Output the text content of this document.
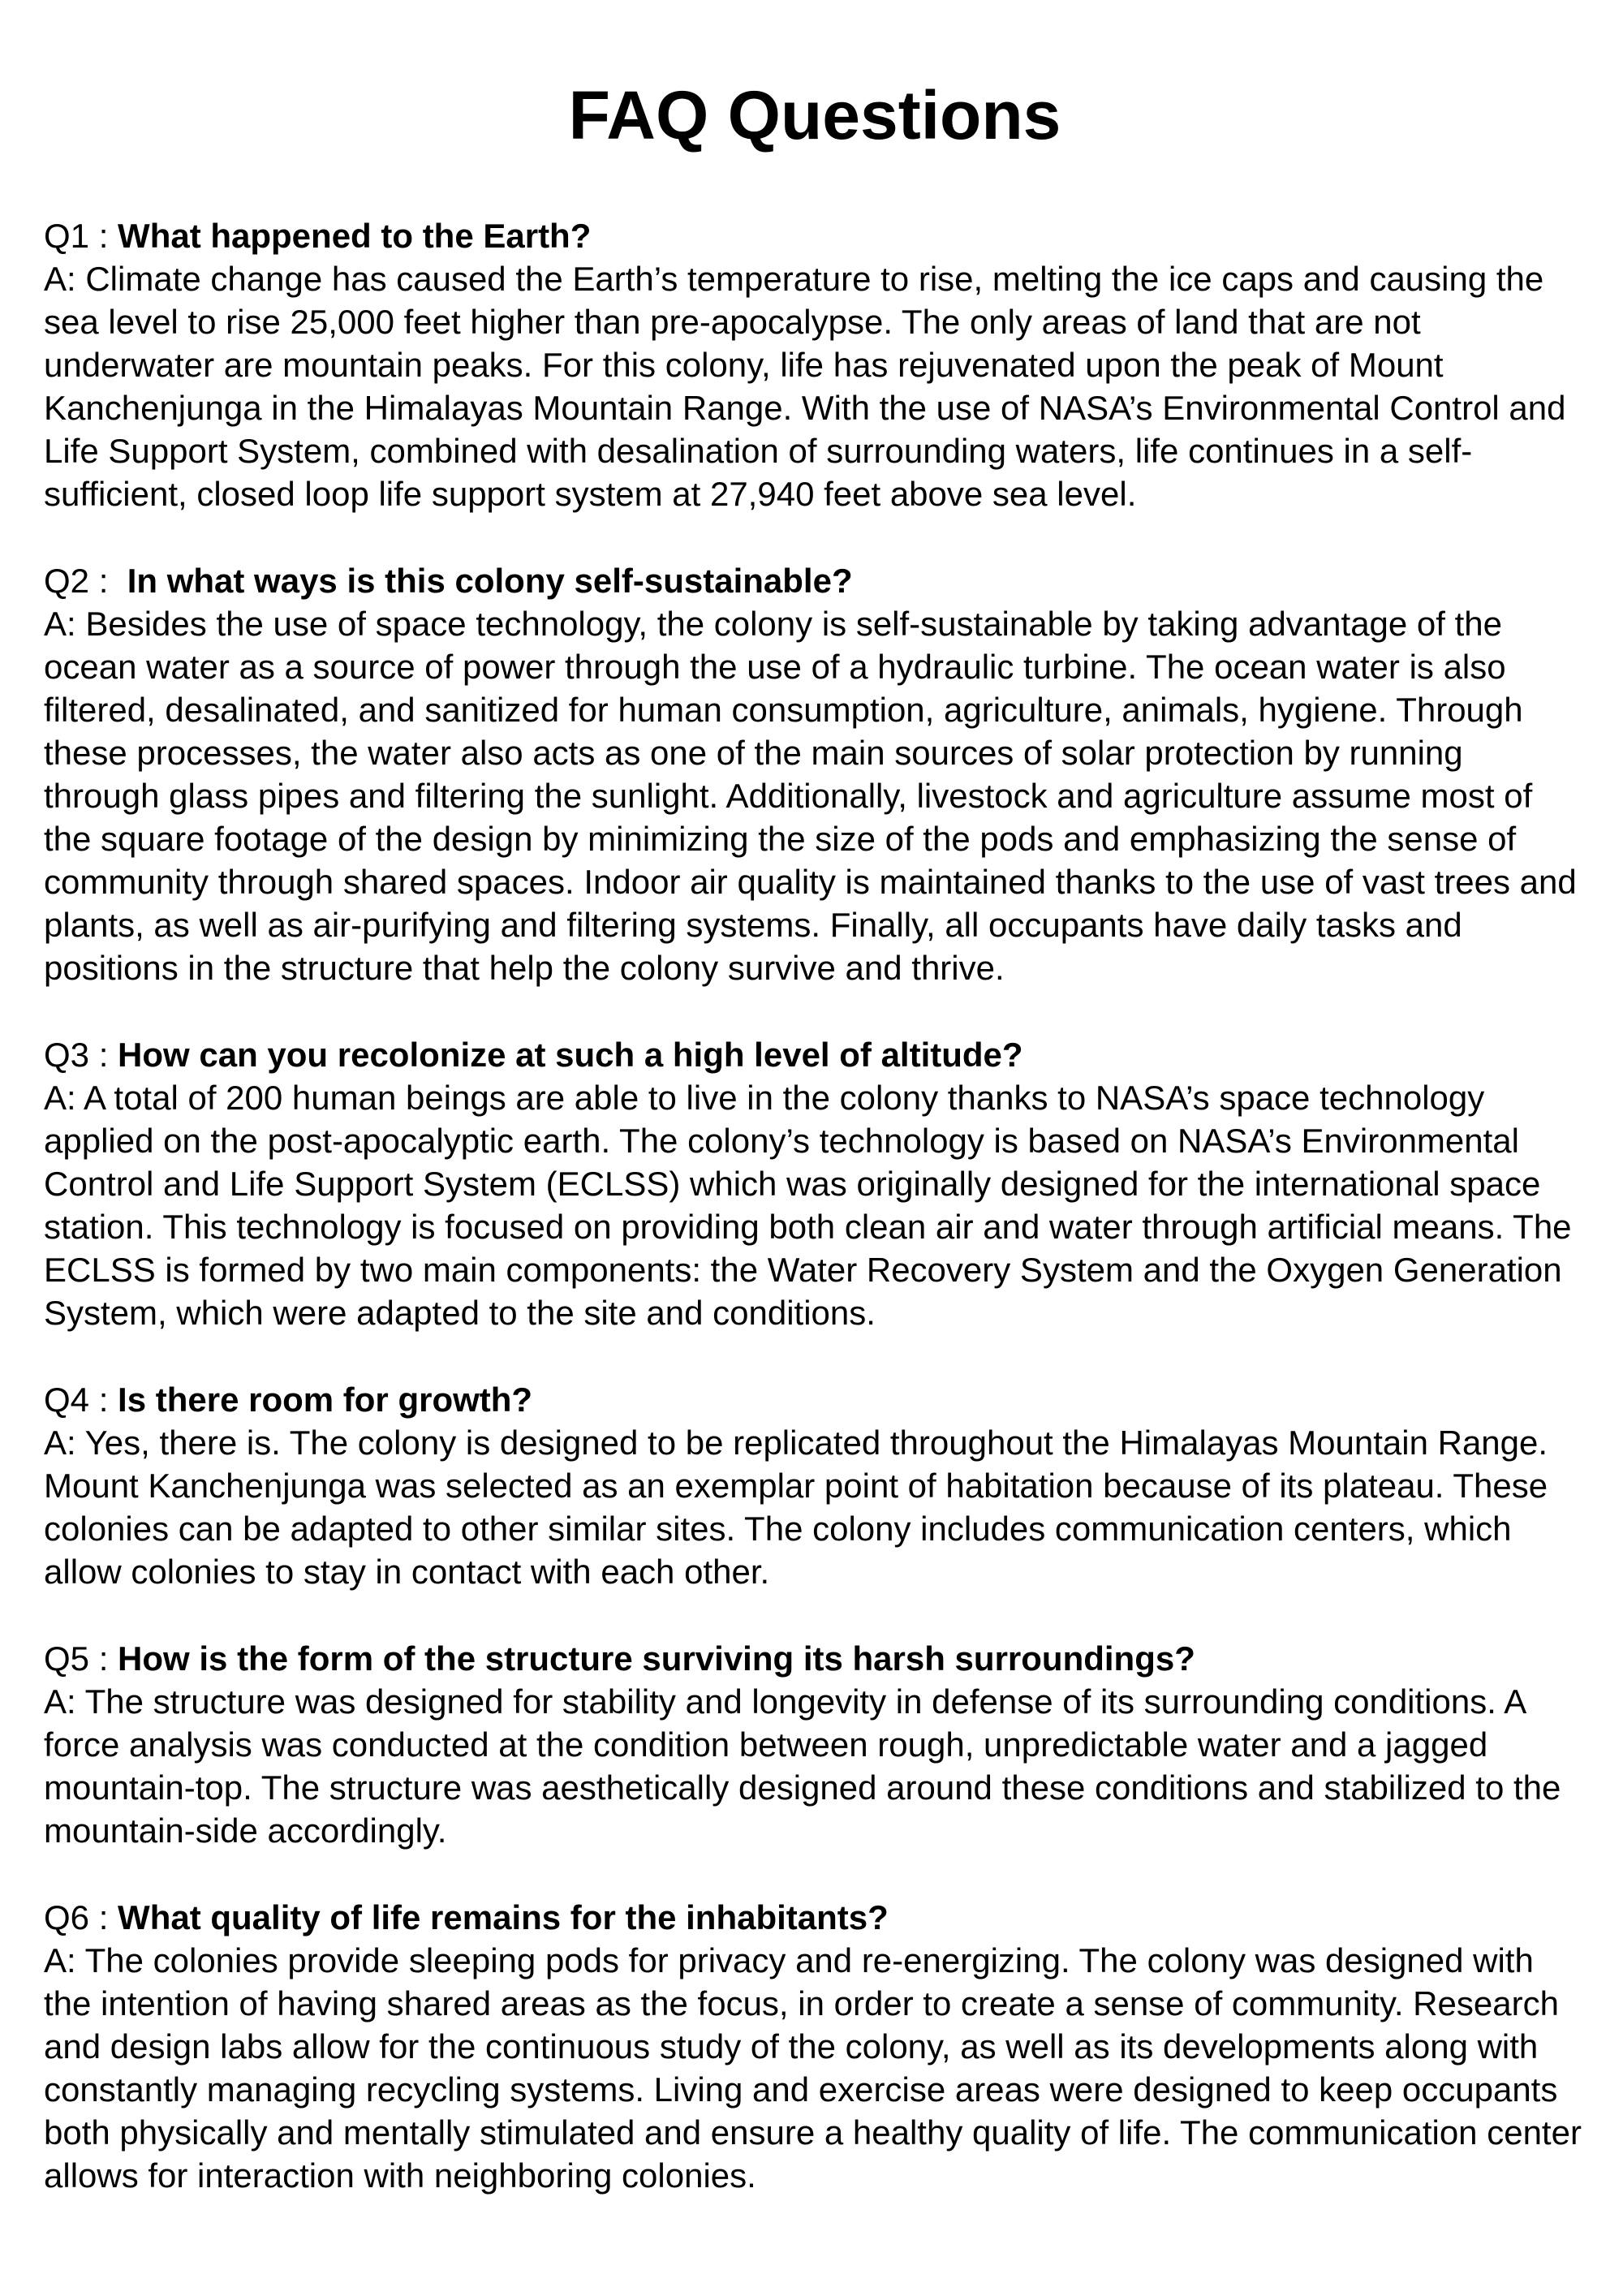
FAQ Questions
Q1 : What happened to the Earth?

A: Climate change has caused the Earth’s temperature to rise, melting the ice caps and causing the sea level to rise 25,000 feet higher than pre-apocalypse. The only areas of land that are not underwater are mountain peaks. For this colony, life has rejuvenated upon the peak of Mount Kanchenjunga in the Himalayas Mountain Range. With the use of NASA’s Environmental Control and Life Support System, combined with desalination of surrounding waters, life continues in a self-sufficient, closed loop life support system at 27,940 feet above sea level.

Q2 :  In what ways is this colony self-sustainable?

A: Besides the use of space technology, the colony is self-sustainable by taking advantage of the ocean water as a source of power through the use of a hydraulic turbine. The ocean water is also filtered, desalinated, and sanitized for human consumption, agriculture, animals, hygiene. Through these processes, the water also acts as one of the main sources of solar protection by running through glass pipes and filtering the sunlight. Additionally, livestock and agriculture assume most of the square footage of the design by minimizing the size of the pods and emphasizing the sense of community through shared spaces. Indoor air quality is maintained thanks to the use of vast trees and plants, as well as air-purifying and filtering systems. Finally, all occupants have daily tasks and positions in the structure that help the colony survive and thrive.

Q3 : How can you recolonize at such a high level of altitude?

A: A total of 200 human beings are able to live in the colony thanks to NASA’s space technology applied on the post-apocalyptic earth. The colony’s technology is based on NASA’s Environmental Control and Life Support System (ECLSS) which was originally designed for the international space station. This technology is focused on providing both clean air and water through artificial means. The ECLSS is formed by two main components: the Water Recovery System and the Oxygen Generation System, which were adapted to the site and conditions.

Q4 : Is there room for growth?

A: Yes, there is. The colony is designed to be replicated throughout the Himalayas Mountain Range. Mount Kanchenjunga was selected as an exemplar point of habitation because of its plateau. These colonies can be adapted to other similar sites. The colony includes communication centers, which allow colonies to stay in contact with each other.

Q5 : How is the form of the structure surviving its harsh surroundings?

A: The structure was designed for stability and longevity in defense of its surrounding conditions. A force analysis was conducted at the condition between rough, unpredictable water and a jagged mountain-top. The structure was aesthetically designed around these conditions and stabilized to the mountain-side accordingly.

Q6 : What quality of life remains for the inhabitants?

A: The colonies provide sleeping pods for privacy and re-energizing. The colony was designed with the intention of having shared areas as the focus, in order to create a sense of community. Research and design labs allow for the continuous study of the colony, as well as its developments along with constantly managing recycling systems. Living and exercise areas were designed to keep occupants both physically and mentally stimulated and ensure a healthy quality of life. The communication center allows for interaction with neighboring colonies.
